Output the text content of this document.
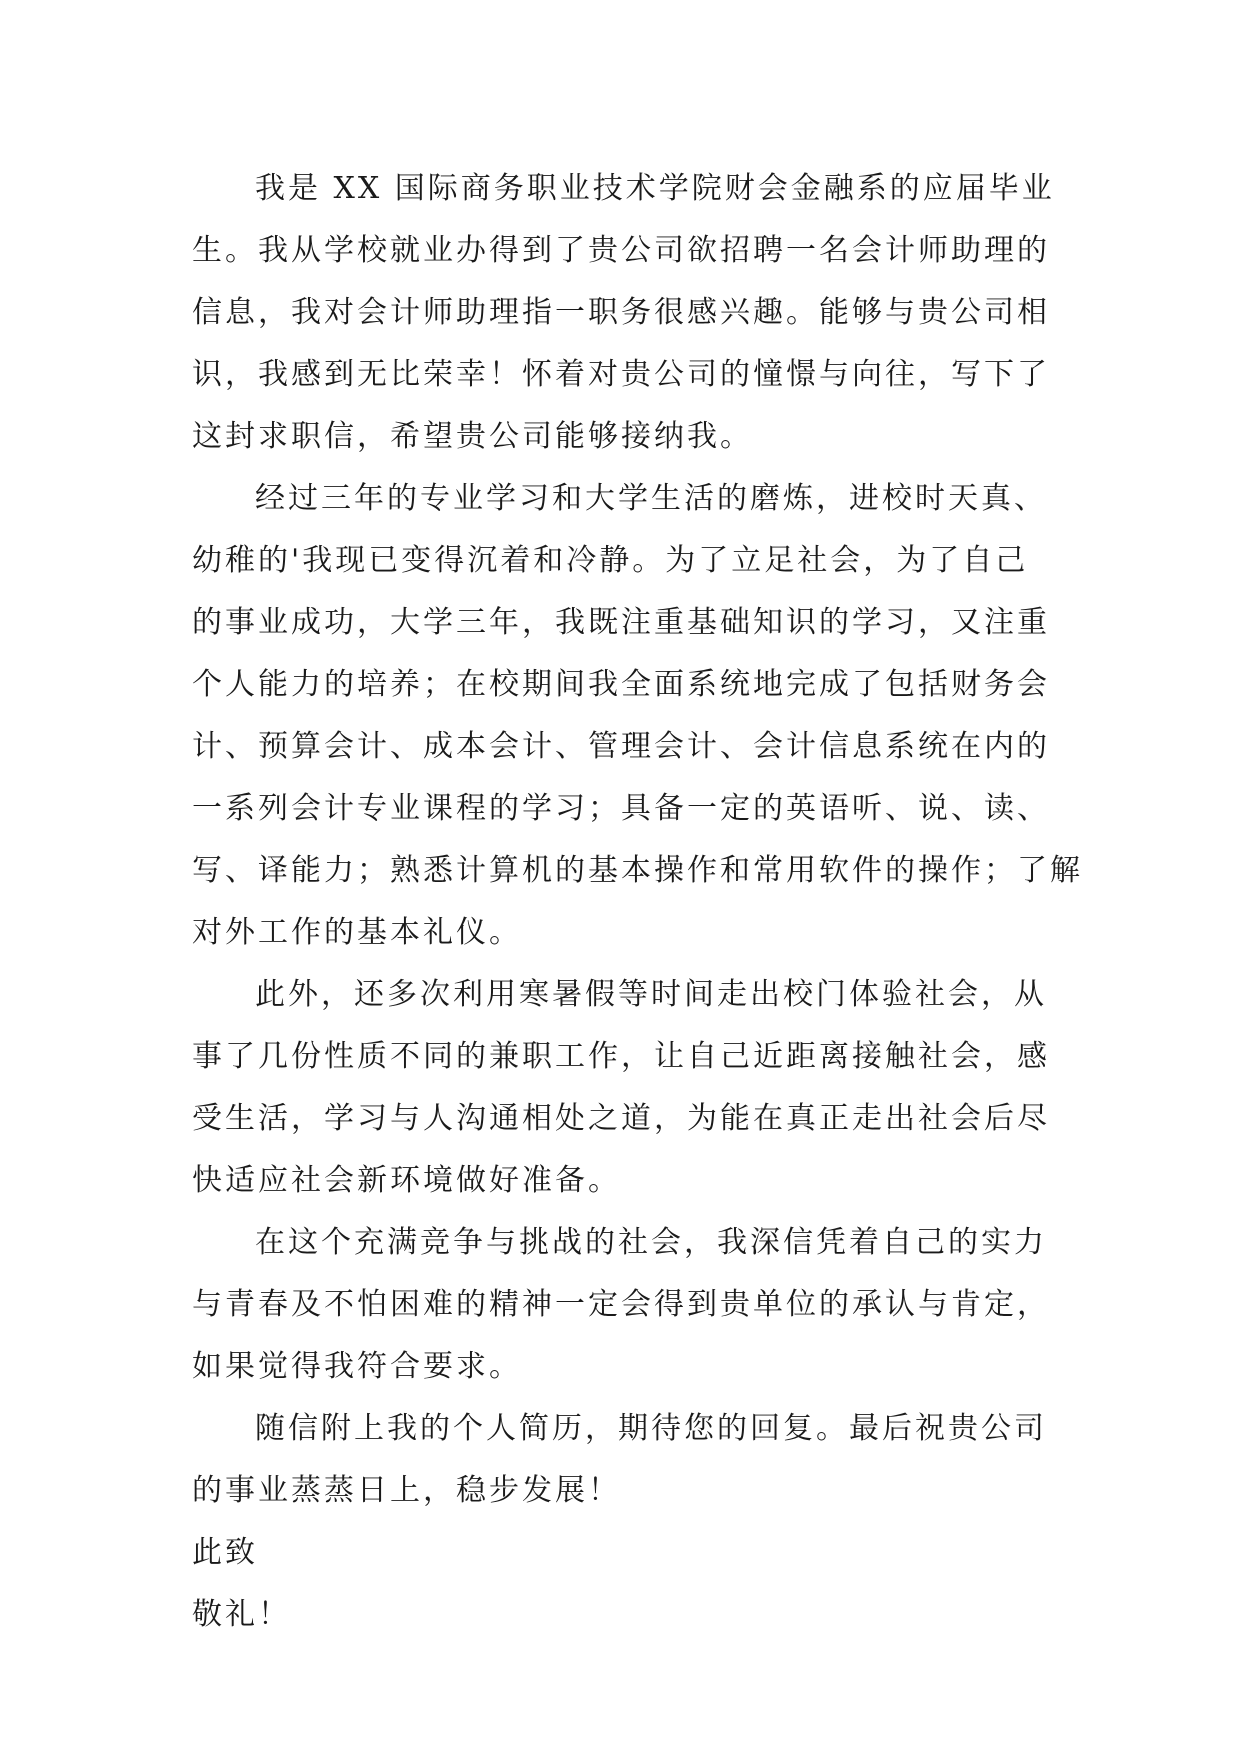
我是 XX 国际商务职业技术学院财会金融系的应届毕业
生。我从学校就业办得到了贵公司欲招聘一名会计师助理的
信息，我对会计师助理指一职务很感兴趣。能够与贵公司相
识，我感到无比荣幸！怀着对贵公司的憧憬与向往，写下了
这封求职信，希望贵公司能够接纳我。
经过三年的专业学习和大学生活的磨炼，进校时天真、
幼稚的'我现已变得沉着和冷静。为了立足社会，为了自己
的事业成功，大学三年，我既注重基础知识的学习，又注重
个人能力的培养；在校期间我全面系统地完成了包括财务会
计、预算会计、成本会计、管理会计、会计信息系统在内的
一系列会计专业课程的学习；具备一定的英语听、说、读、
写、译能力；熟悉计算机的基本操作和常用软件的操作；了解
对外工作的基本礼仪。
此外，还多次利用寒暑假等时间走出校门体验社会，从
事了几份性质不同的兼职工作，让自己近距离接触社会，感
受生活，学习与人沟通相处之道，为能在真正走出社会后尽
快适应社会新环境做好准备。
在这个充满竞争与挑战的社会，我深信凭着自己的实力
与青春及不怕困难的精神一定会得到贵单位的承认与肯定，
如果觉得我符合要求。
随信附上我的个人简历，期待您的回复。最后祝贵公司
的事业蒸蒸日上，稳步发展！
此致
敬礼！
